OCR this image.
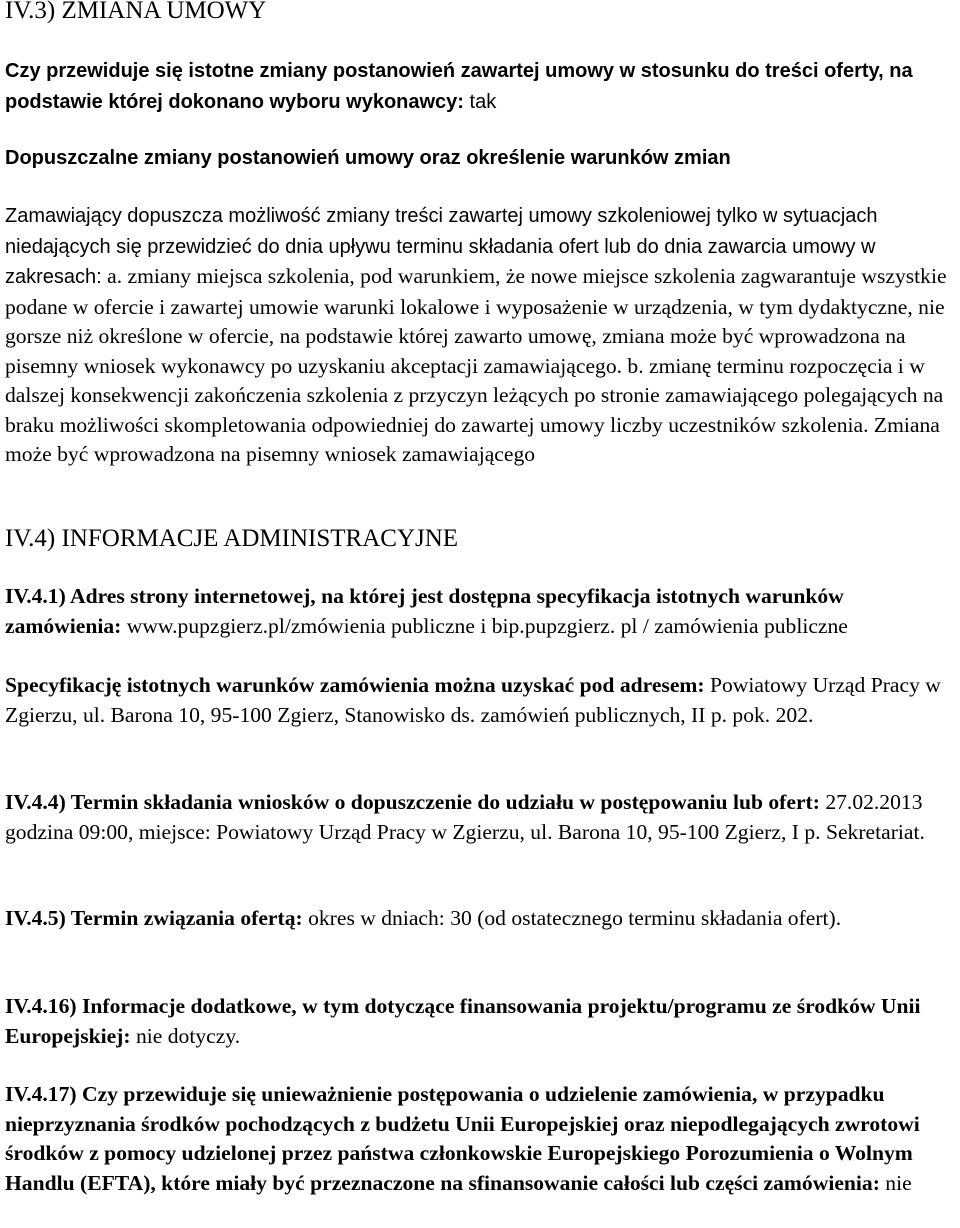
IV.3) ZMIANA UMOWY

Czy przewiduje się istotne zmiany postanowień zawartej umowy w stosunku do treści oferty, na podstawie której dokonano wyboru wykonawcy: tak

Dopuszczalne zmiany postanowień umowy oraz określenie warunków zmian

Zamawiający dopuszcza możliwość zmiany treści zawartej umowy szkoleniowej tylko w sytuacjach niedających się przewidzieć do dnia upływu terminu składania ofert lub do dnia zawarcia umowy w zakresach: a. zmiany miejsca szkolenia, pod warunkiem, że nowe miejsce szkolenia zagwarantuje wszystkie podane w ofercie i zawartej umowie warunki lokalowe i wyposażenie w urządzenia, w tym dydaktyczne, nie gorsze niż określone w ofercie, na podstawie której zawarto umowę, zmiana może być wprowadzona na pisemny wniosek wykonawcy po uzyskaniu akceptacji zamawiającego. b. zmianę terminu rozpoczęcia i w dalszej konsekwencji zakończenia szkolenia z przyczyn leżących po stronie zamawiającego polegających na braku możliwości skompletowania odpowiedniej do zawartej umowy liczby uczestników szkolenia. Zmiana może być wprowadzona na pisemny wniosek zamawiającego

IV.4) INFORMACJE ADMINISTRACYJNE

IV.4.1) Adres strony internetowej, na której jest dostępna specyfikacja istotnych warunków zamówienia: www.pupzgierz.pl/zmówienia publiczne i bip.pupzgierz. pl / zamówienia publiczne

Specyfikację istotnych warunków zamówienia można uzyskać pod adresem: Powiatowy Urząd Pracy w Zgierzu, ul. Barona 10, 95-100 Zgierz, Stanowisko ds. zamówień publicznych, II p. pok. 202.

IV.4.4) Termin składania wniosków o dopuszczenie do udziału w postępowaniu lub ofert: 27.02.2013 godzina 09:00, miejsce: Powiatowy Urząd Pracy w Zgierzu, ul. Barona 10, 95-100 Zgierz, I p. Sekretariat.

IV.4.5) Termin związania ofertą: okres w dniach: 30 (od ostatecznego terminu składania ofert).

IV.4.16) Informacje dodatkowe, w tym dotyczące finansowania projektu/programu ze środków Unii Europejskiej: nie dotyczy.

IV.4.17) Czy przewiduje się unieważnienie postępowania o udzielenie zamówienia, w przypadku nieprzyznania środków pochodzących z budżetu Unii Europejskiej oraz niepodlegających zwrotowi środków z pomocy udzielonej przez państwa członkowskie Europejskiego Porozumienia o Wolnym Handlu (EFTA), które miały być przeznaczone na sfinansowanie całości lub części zamówienia: nie
